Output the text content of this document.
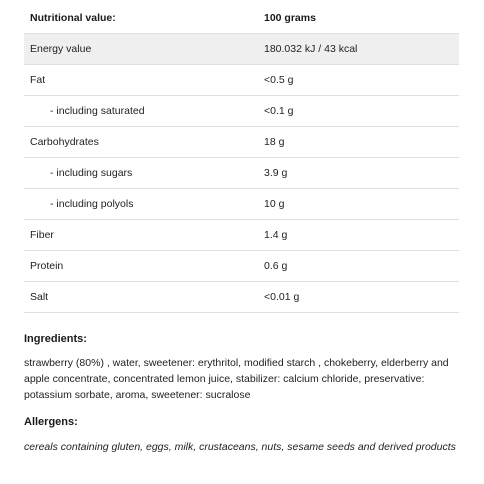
Nutritional value:	100 grams
Energy value	180.032 kJ / 43 kcal
Fat	<0.5 g
- including saturated	<0.1 g
Carbohydrates	18 g
- including sugars	3.9 g
- including polyols	10 g
Fiber	1.4 g
Protein	0.6 g
Salt	<0.01 g
Ingredients:

strawberry (80%) , water, sweetener: erythritol, modified starch , chokeberry, elderberry and apple concentrate, concentrated lemon juice, stabilizer: calcium chloride, preservative: potassium sorbate, aroma, sweetener: sucralose

Allergens:

cereals containing gluten, eggs, milk, crustaceans, nuts, sesame seeds and derived products
